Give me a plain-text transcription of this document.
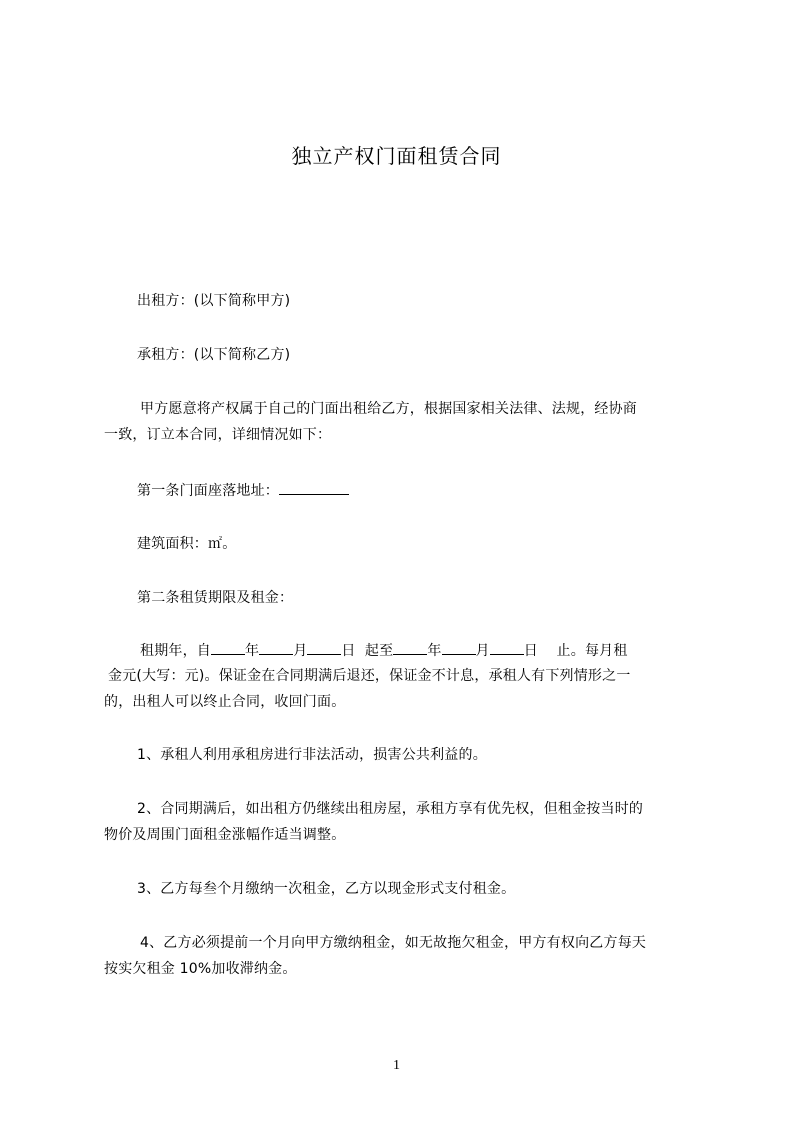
独立产权门面租赁合同
出租方：(以下简称甲方)
承租方：(以下简称乙方)
甲方愿意将产权属于自己的门面出租给乙方，根据国家相关法律、法规，经协商
一致，订立本合同，详细情况如下：
第一条门面座落地址：
建筑面积：㎡。
第二条租赁期限及租金：
租期年，自 年 月 日 起至 年 月 日 止。每月租
金元(大写：元)。保证金在合同期满后退还，保证金不计息，承租人有下列情形之一
的，出租人可以终止合同，收回门面。
1、承租人利用承租房进行非法活动，损害公共利益的。
2、合同期满后，如出租方仍继续出租房屋，承租方享有优先权，但租金按当时的
物价及周围门面租金涨幅作适当调整。
3、乙方每叁个月缴纳一次租金，乙方以现金形式支付租金。
4、乙方必须提前一个月向甲方缴纳租金，如无故拖欠租金，甲方有权向乙方每天
按实欠租金 10%加收滞纳金。
1
